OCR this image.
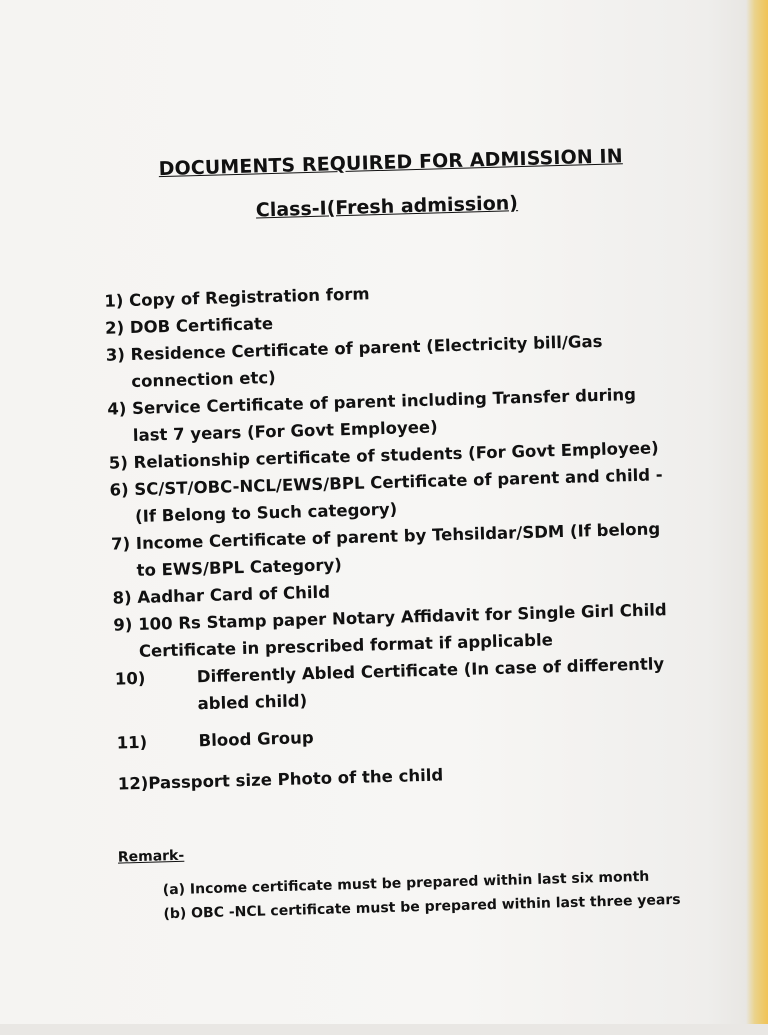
DOCUMENTS REQUIRED FOR ADMISSION IN
Class-I(Fresh admission)
1)
Copy of Registration form
2)
DOB Certificate
3)
Residence Certificate of parent (Electricity bill/Gas connection etc)
4)
Service Certificate of parent including Transfer during last 7 years (For Govt Employee)
5)
Relationship certificate of students (For Govt Employee)
6)
SC/ST/OBC-NCL/EWS/BPL Certificate of parent and child -(If Belong to Such category)
7)
Income Certificate of parent by Tehsildar/SDM (If belong to EWS/BPL Category)
8)
Aadhar Card of Child
9)
100 Rs Stamp paper Notary Affidavit for Single Girl Child Certificate in prescribed format if applicable
10)	Differently Abled Certificate (In case of differently abled child)
11)	Blood Group
12) Passport size Photo of the child
Remark-
(a) Income certificate must be prepared within last six month
(b) OBC -NCL certificate must be prepared within last three years
